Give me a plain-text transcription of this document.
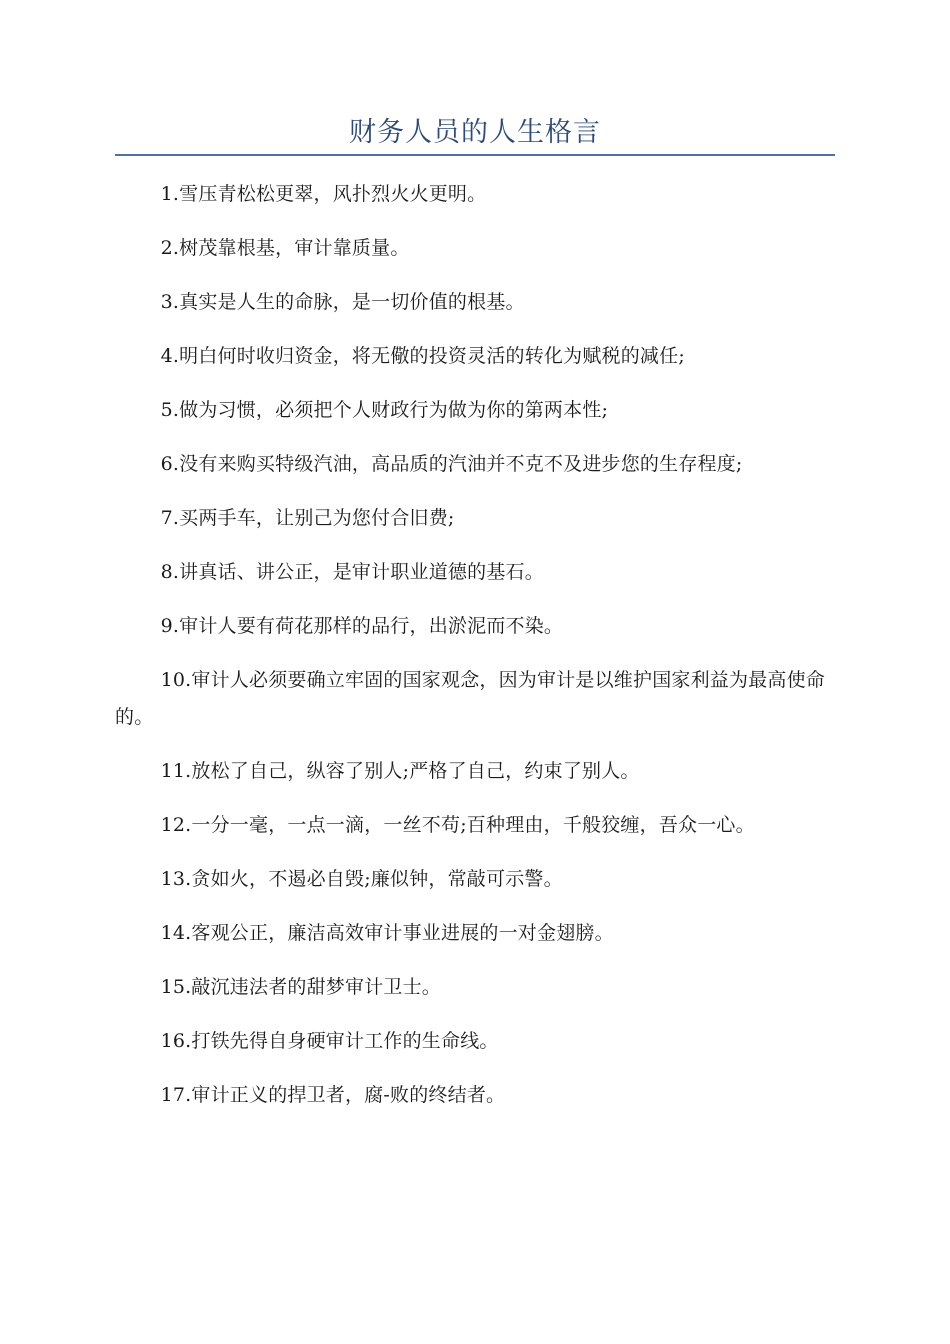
财务人员的人生格言

1.雪压青松松更翠，风扑烈火火更明。

2.树茂靠根基，审计靠质量。

3.真实是人生的命脉，是一切价值的根基。

4.明白何时收归资金，将无儆的投资灵活的转化为赋税的减任;

5.做为习惯，必须把个人财政行为做为你的第两本性;

6.没有来购买特级汽油，高品质的汽油并不克不及进步您的生存程度;

7.买两手车，让别己为您付合旧费;

8.讲真话、讲公正，是审计职业道德的基石。

9.审计人要有荷花那样的品行，出淤泥而不染。

10.审计人必须要确立牢固的国家观念，因为审计是以维护国家利益为最高使命的。

11.放松了自己，纵容了别人;严格了自己，约束了别人。

12.一分一毫，一点一滴，一丝不苟;百种理由，千般狡缠，吾众一心。

13.贪如火，不遏必自毁;廉似钟，常敲可示警。

14.客观公正，廉洁高效审计事业进展的一对金翅膀。

15.敲沉违法者的甜梦审计卫士。

16.打铁先得自身硬审计工作的生命线。

17.审计正义的捍卫者，腐-败的终结者。
